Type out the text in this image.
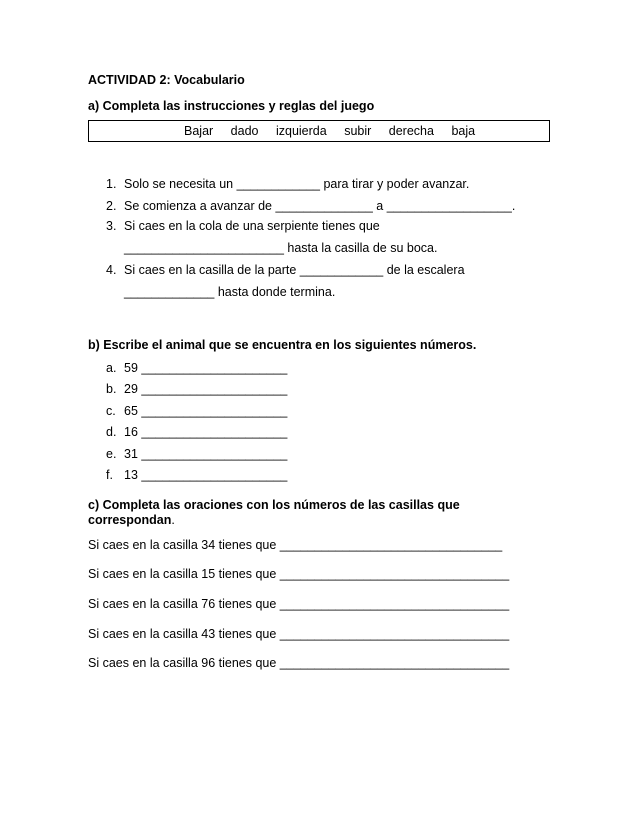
ACTIVIDAD 2: Vocabulario
a) Completa las instrucciones y reglas del juego
Bajar dado izquierda subir derecha baja
1. Solo se necesita un ____________ para tirar y poder avanzar.
2. Se comienza a avanzar de ______________ a __________________.
3. Si caes en la cola de una serpiente tienes que
_______________________ hasta la casilla de su boca.
4. Si caes en la casilla de la parte ____________ de la escalera
_____________ hasta donde termina.
b) Escribe el animal que se encuentra en los siguientes números.
a. 59 _____________________
b. 29 _____________________
c. 65 _____________________
d. 16 _____________________
e. 31 _____________________
f. 13 _____________________
c) Completa las oraciones con los números de las casillas que
correspondan.
Si caes en la casilla 34 tienes que ________________________________
Si caes en la casilla 15 tienes que _________________________________
Si caes en la casilla 76 tienes que _________________________________
Si caes en la casilla 43 tienes que _________________________________
Si caes en la casilla 96 tienes que _________________________________
